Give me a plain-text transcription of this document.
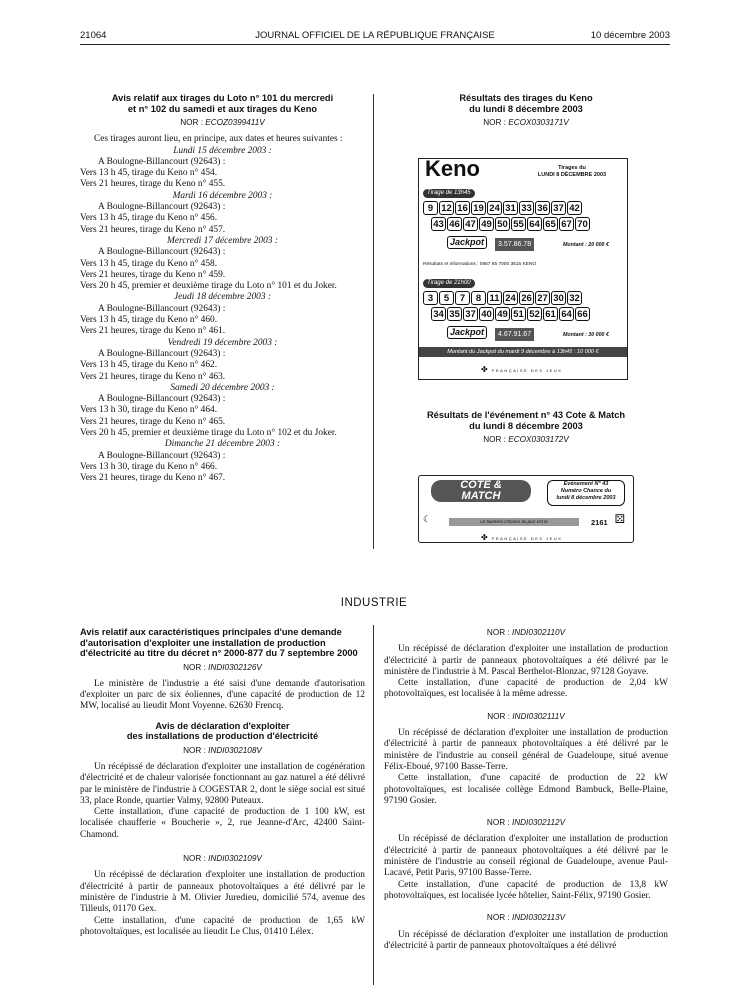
21064	JOURNAL OFFICIEL DE LA RÉPUBLIQUE FRANÇAISE	10 décembre 2003
Avis relatif aux tirages du Loto n° 101 du mercredi
et n° 102 du samedi et aux tirages du Keno
NOR : ECOZ0399411V

Ces tirages auront lieu, en principe, aux dates et heures suivantes :

Lundi 15 décembre 2003 :

A Boulogne-Billancourt (92643) :

Vers 13 h 45, tirage du Keno n° 454.

Vers 21 heures, tirage du Keno n° 455.

Mardi 16 décembre 2003 :

A Boulogne-Billancourt (92643) :

Vers 13 h 45, tirage du Keno n° 456.

Vers 21 heures, tirage du Keno n° 457.

Mercredi 17 décembre 2003 :

A Boulogne-Billancourt (92643) :

Vers 13 h 45, tirage du Keno n° 458.

Vers 21 heures, tirage du Keno n° 459.

Vers 20 h 45, premier et deuxième tirage du Loto n° 101 et du Joker.

Jeudi 18 décembre 2003 :

A Boulogne-Billancourt (92643) :

Vers 13 h 45, tirage du Keno n° 460.

Vers 21 heures, tirage du Keno n° 461.

Vendredi 19 décembre 2003 :

A Boulogne-Billancourt (92643) :

Vers 13 h 45, tirage du Keno n° 462.

Vers 21 heures, tirage du Keno n° 463.

Samedi 20 décembre 2003 :

A Boulogne-Billancourt (92643) :

Vers 13 h 30, tirage du Keno n° 464.

Vers 21 heures, tirage du Keno n° 465.

Vers 20 h 45, premier et deuxième tirage du Loto n° 102 et du Joker.

Dimanche 21 décembre 2003 :

A Boulogne-Billancourt (92643) :

Vers 13 h 30, tirage du Keno n° 466.

Vers 21 heures, tirage du Keno n° 467.

Résultats des tirages du Keno
du lundi 8 décembre 2003
NOR : ECOX0303171V
Keno	Tirages du
LUNDI 8 DÉCEMBRE 2003
Tirage de 13h45
9 12 16 19 24 31 33 36 37 42
43 46 47 49 50 55 64 65 67 70
Jackpot	3.57.86.78	Montant : 20 000 €
Résultats et informations : 0867 65 7000 3615 KENO
Tirage de 21h00
3	5	7	8 11 24 26 27 30 32
34 35 37 40 49 51 52 61 64 66
Jackpot	4.67.91.67	Montant : 30 000 €
Montant du Jackpot du mardi 9 décembre à 13h45 : 10 000 €
✤ FRANÇAISE DES JEUX
Résultats de l'événement n° 43 Cote & Match
du lundi 8 décembre 2003
NOR : ECOX0303172V
COTE &
MATCH
Événement N° 43
Numéro Chance du
lundi 8 décembre 2003
☾	Le Numéro Chance du jour est le	2161 ⚄
✤ FRANÇAISE DES JEUX
INDUSTRIE
Avis relatif aux caractéristiques principales d'une demande d'autorisation d'exploiter une installation de production d'électricité au titre du décret n° 2000-877 du 7 septembre 2000
NOR : INDI0302126V

Le ministère de l'industrie a été saisi d'une demande d'autorisation d'exploiter un parc de six éoliennes, d'une capacité de production de 12 MW, localisé au lieudit Mont Voyenne. 62630 Frencq.

Avis de déclaration d'exploiter
des installations de production d'électricité
NOR : INDI0302108V

Un récépissé de déclaration d'exploiter une installation de cogénération d'électricité et de chaleur valorisée fonctionnant au gaz naturel a été délivré par le ministère de l'industrie à COGESTAR 2, dont le siège social est situé 33, place Ronde, quartier Valmy, 92800 Puteaux.

Cette installation, d'une capacité de production de 1 100 kW, est localisée chaufferie « Boucherie », 2, rue Jeanne-d'Arc, 42400 Saint-Chamond.

NOR : INDI0302109V

Un récépissé de déclaration d'exploiter une installation de production d'électricité à partir de panneaux photovoltaïques a été délivré par le ministère de l'industrie à M. Olivier Jurediеu, domicilié 574, avenue des Tilleuls, 01170 Gex.

Cette installation, d'une capacité de production de 1,65 kW photovoltaïques, est localisée au lieudit Le Clus, 01410 Lélex.

NOR : INDI0302110V

Un récépissé de déclaration d'exploiter une installation de production d'électricité à partir de panneaux photovoltaïques a été délivré par le ministère de l'industrie à M. Pascal Berthelot-Blonzac, 97128 Goyave.

Cette installation, d'une capacité de production de 2,04 kW photovoltaïques, est localisée à la même adresse.

NOR : INDI0302111V

Un récépissé de déclaration d'exploiter une installation de production d'électricité à partir de panneaux photovoltaïques a été délivré par le ministère de l'industrie au conseil général de Guadeloupe, situé avenue Félix-Eboué, 97100 Basse-Terre.

Cette installation, d'une capacité de production de 22 kW photovoltaïques, est localisée collège Edmond Bambuck, Belle-Plaine, 97190 Gosier.

NOR : INDI0302112V

Un récépissé de déclaration d'exploiter une installation de production d'électricité à partir de panneaux photovoltaïques a été délivré par le ministère de l'industrie au conseil régional de Guadeloupe, avenue Paul-Lacavé, Petit Paris, 97100 Basse-Terre.

Cette installation, d'une capacité de production de 13,8 kW photovoltaïques, est localisée lycée hôtelier, Saint-Félix, 97190 Gosier.

NOR : INDI0302113V

Un récépissé de déclaration d'exploiter une installation de production d'électricité à partir de panneaux photovoltaïques a été délivré
